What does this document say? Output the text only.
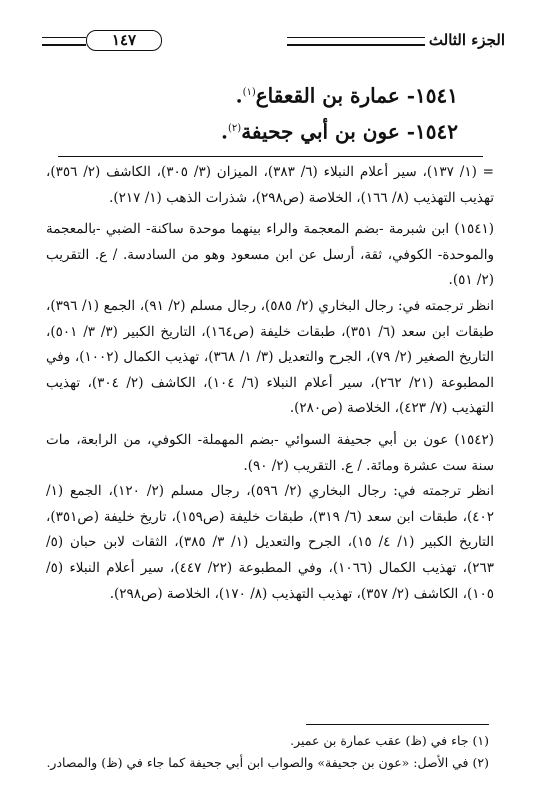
الجزء الثالث
١٤٧
١٥٤١- عمارة بن القعقاع$^{(١)}$.
١٥٤٢- عون بن أبي جحيفة$^{(٢)}$.

= (١/ ١٣٧)، سير أعلام النبلاء (٦/ ٣٨٣)، الميزان (٣/ ٣٠٥)، الكاشف (٢/ ٣٥٦)، تهذيب التهذيب (٨/ ١٦٦)، الخلاصة (ص٢٩٨)، شذرات الذهب (١/ ٢١٧).

(١٥٤١) ابن شبرمة -بضم المعجمة والراء بينهما موحدة ساكنة- الضبي -بالمعجمة والموحدة- الكوفي، ثقة، أرسل عن ابن مسعود وهو من السادسة. / ع. التقريب (٢/ ٥١).

انظر ترجمته في: رجال البخاري (٢/ ٥٨٥)، رجال مسلم (٢/ ٩١)، الجمع (١/ ٣٩٦)، طبقات ابن سعد (٦/ ٣٥١)، طبقات خليفة (ص١٦٤)، التاريخ الكبير (٣/ ٣/ ٥٠١)، التاريخ الصغير (٢/ ٧٩)، الجرح والتعديل (٣/ ١/ ٣٦٨)، تهذيب الكمال (١٠٠٢)، وفي المطبوعة (٢١/ ٢٦٢)، سير أعلام النبلاء (٦/ ١٠٤)، الكاشف (٢/ ٣٠٤)، تهذيب التهذيب (٧/ ٤٢٣)، الخلاصة (ص٢٨٠).

(١٥٤٢) عون بن أبي جحيفة السوائي -بضم المهملة- الكوفي، من الرابعة، مات سنة ست عشرة ومائة. / ع. التقريب (٢/ ٩٠).

انظر ترجمته في: رجال البخاري (٢/ ٥٩٦)، رجال مسلم (٢/ ١٢٠)، الجمع (١/ ٤٠٢)، طبقات ابن سعد (٦/ ٣١٩)، طبقات خليفة (ص١٥٩)، تاريخ خليفة (ص٣٥١)، التاريخ الكبير (١/ ٤/ ١٥)، الجرح والتعديل (١/ ٣/ ٣٨٥)، الثقات لابن حبان (٥/ ٢٦٣)، تهذيب الكمال (١٠٦٦)، وفي المطبوعة (٢٢/ ٤٤٧)، سير أعلام النبلاء (٥/ ١٠٥)، الكاشف (٢/ ٣٥٧)، تهذيب التهذيب (٨/ ١٧٠)، الخلاصة (ص٢٩٨).

(١) جاء في (ظ) عقب عمارة بن عمير.

(٢) في الأصل: «عون بن جحيفة» والصواب ابن أبي جحيفة كما جاء في (ظ) والمصادر.
